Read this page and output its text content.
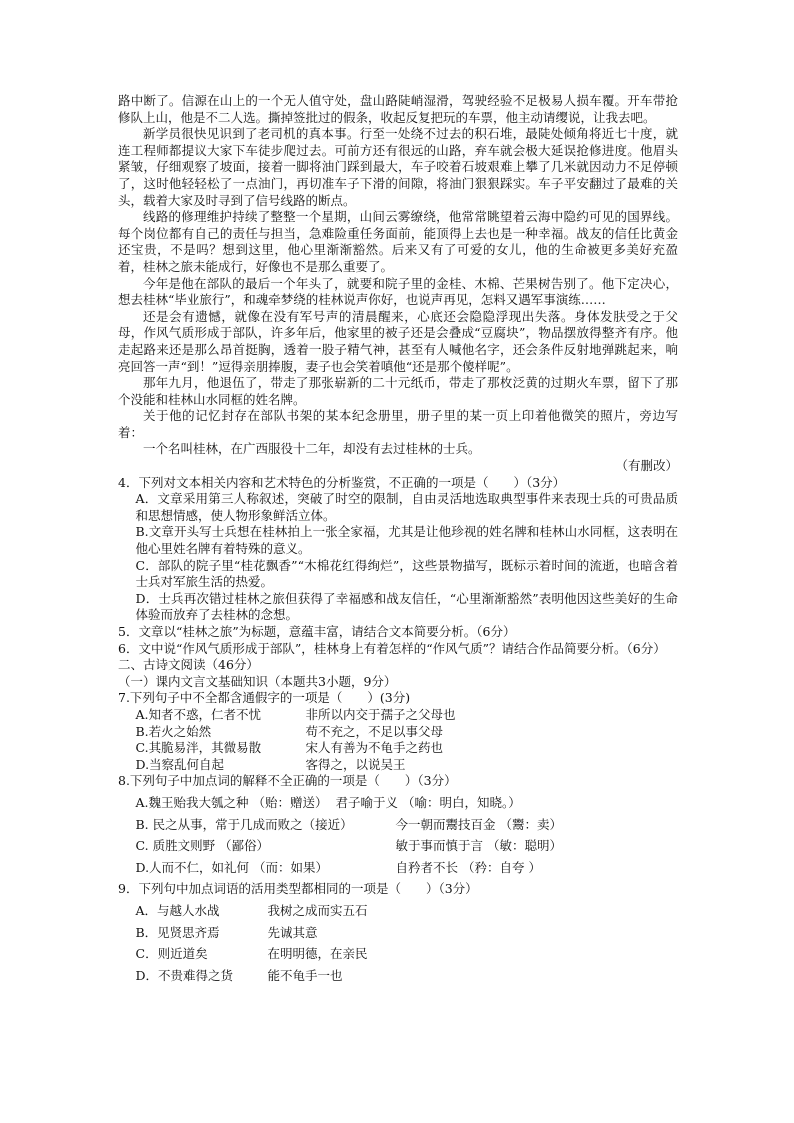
路中断了。信源在山上的一个无人值守处，盘山路陡峭湿滑，驾驶经验不足极易人损车覆。开车带抢修队上山，他是不二人选。撕掉签批过的假条，收起反复把玩的车票，他主动请缨说，让我去吧。

新学员很快见识到了老司机的真本事。行至一处绕不过去的积石堆，最陡处倾角将近七十度，就连工程师都提议大家下车徒步爬过去。可前方还有很远的山路，弃车就会极大延误抢修进度。他眉头紧皱，仔细观察了坡面，接着一脚将油门踩到最大，车子咬着石坡艰难上攀了几米就因动力不足停顿了，这时他轻轻松了一点油门，再切准车子下滑的间隙，将油门狠狠踩实。车子平安翻过了最难的关头，载着大家及时寻到了信号线路的断点。

线路的修理维护持续了整整一个星期，山间云雾缭绕，他常常眺望着云海中隐约可见的国界线。每个岗位都有自己的责任与担当，急难险重任务面前，能顶得上去也是一种幸福。战友的信任比黄金还宝贵，不是吗？想到这里，他心里渐渐豁然。后来又有了可爱的女儿，他的生命被更多美好充盈着，桂林之旅未能成行，好像也不是那么重要了。

今年是他在部队的最后一个年头了，就要和院子里的金桂、木棉、芒果树告别了。他下定决心，想去桂林“毕业旅行”，和魂牵梦绕的桂林说声你好，也说声再见，怎料又遇军事演练……

还是会有遗憾，就像在没有军号声的清晨醒来，心底还会隐隐浮现出失落。身体发肤受之于父母，作风气质形成于部队，许多年后，他家里的被子还是会叠成“豆腐块”，物品摆放得整齐有序。他走起路来还是那么昂首挺胸，透着一股子精气神，甚至有人喊他名字，还会条件反射地弹跳起来，响亮回答一声“到！”逗得亲朋捧腹，妻子也会笑着嗔他“还是那个傻样呢”。

那年九月，他退伍了，带走了那张崭新的二十元纸币，带走了那枚泛黄的过期火车票，留下了那个没能和桂林山水同框的姓名牌。

关于他的记忆封存在部队书架的某本纪念册里，册子里的某一页上印着他微笑的照片，旁边写着：

一个名叫桂林，在广西服役十二年，却没有去过桂林的士兵。

（有删改）

4．下列对文本相关内容和艺术特色的分析鉴赏，不正确的一项是（　　）（3分）

A．文章采用第三人称叙述，突破了时空的限制，自由灵活地选取典型事件来表现士兵的可贵品质和思想情感，使人物形象鲜活立体。

B.文章开头写士兵想在桂林拍上一张全家福，尤其是让他珍视的姓名牌和桂林山水同框，这表明在他心里姓名牌有着特殊的意义。

C．部队的院子里“桂花飘香”“木棉花红得绚烂”，这些景物描写，既标示着时间的流逝，也暗含着士兵对军旅生活的热爱。

D．士兵再次错过桂林之旅但获得了幸福感和战友信任，“心里渐渐豁然”表明他因这些美好的生命体验而放弃了去桂林的念想。

5．文章以“桂林之旅”为标题，意蕴丰富，请结合文本简要分析。（6分）

6．文中说“作风气质形成于部队”，桂林身上有着怎样的“作风气质”？请结合作品简要分析。（6分）

二、古诗文阅读（46分）

（一）课内文言文基础知识（本题共3小题，9分）

7.下列句子中不全都含通假字的一项是（　　）(3分)

A.知者不惑，仁者不忧	非所以内交于孺子之父母也
B.若火之始然	苟不充之，不足以事父母
C.其脆易泮，其微易散	宋人有善为不龟手之药也
D.当察乱何自起	客得之，以说吴王

8.下列句子中加点词的解释不全正确的一项是（　　）（3分）

A.魏王贻我大瓠之种 （贻：赠送） 君子喻于义 （喻：明白，知晓。）
B. 民之从事，常于几成而败之（接近）	今一朝而鬻技百金 （鬻：卖）
C. 质胜文则野 （鄙俗）	敏于事而慎于言 （敏：聪明）
D.人而不仁，如礼何 （而：如果）	自矜者不长 （矜：自夸 ）

9．下列句中加点词语的活用类型都相同的一项是（　　）（3分）

A．与越人水战	我树之成而实五石
B．见贤思齐焉	先诚其意
C．则近道矣	在明明德，在亲民
D．不贵难得之货	能不龟手一也
